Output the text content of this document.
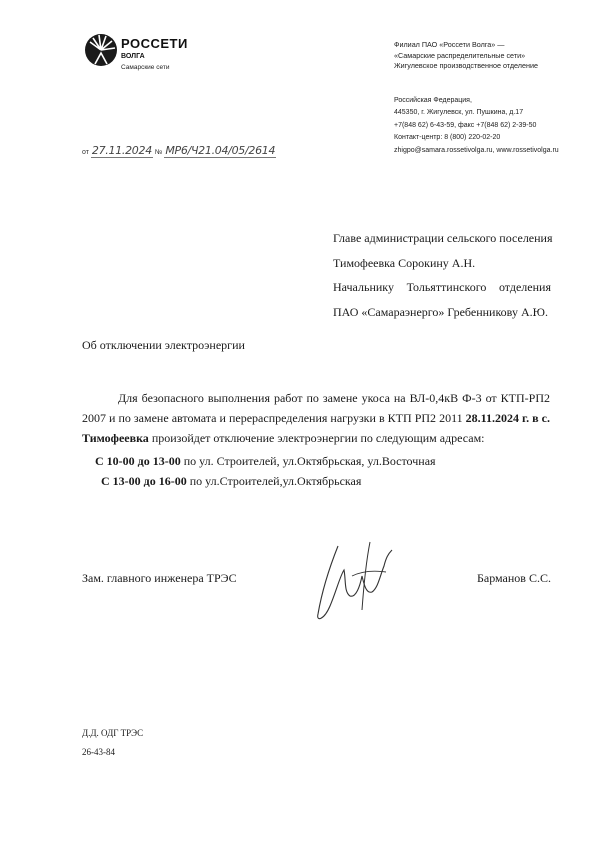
РОССЕТИ
ВОЛГА
Самарские сети
Филиал ПАО «Россети Волга» —
«Самарские распределительные сети»
Жигулевское производственное отделение
Российская Федерация,
445350, г. Жигулевск, ул. Пушкина, д.17
+7(848 62) 6-43-59, факс +7(848 62) 2-39-50
Контакт-центр: 8 (800) 220-02-20
zhigpo@samara.rossetivolga.ru, www.rossetivolga.ru
от 27.11.2024 № МР6/Ч21.04/05/2614
Главе администрации сельского поселения
Тимофеевка Сорокину А.Н.
Начальнику Тольяттинского отделения
ПАО «Самараэнерго» Гребенникову А.Ю.
Об отключении электроэнергии
Для безопасного выполнения работ по замене укоса на ВЛ-0,4кВ Ф-3 от КТП-РП2 2007 и по замене автомата и перераспределения нагрузки в КТП РП2 2011 28.11.2024 г. в с. Тимофеевка произойдет отключение электроэнергии по следующим адресам:
С 10-00 до 13-00 по ул. Строителей, ул.Октябрьская, ул.Восточная
С 13-00 до 16-00 по ул.Строителей,ул.Октябрьская
Зам. главного инженера ТРЭС	Барманов С.С.
Д.Д. ОДГ ТРЭС
26-43-84
